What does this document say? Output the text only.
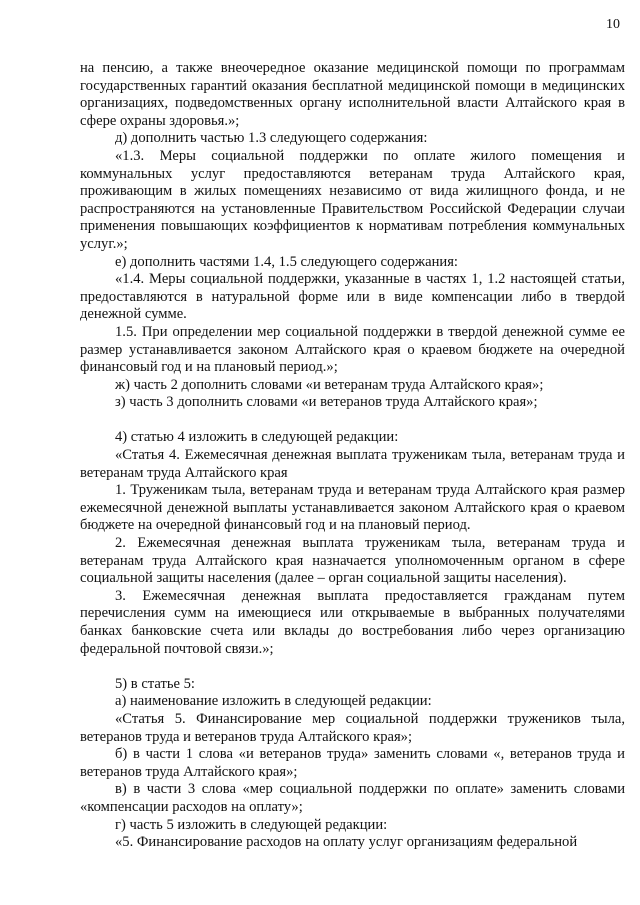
10

на пенсию, а также внеочередное оказание медицинской помощи по программам государственных гарантий оказания бесплатной медицинской помощи в медицинских организациях, подведомственных органу исполнительной власти Алтайского края в сфере охраны здоровья.»;

д) дополнить частью 1.3 следующего содержания:

«1.3. Меры социальной поддержки по оплате жилого помещения и коммунальных услуг предоставляются ветеранам труда Алтайского края, проживающим в жилых помещениях независимо от вида жилищного фонда, и не распространяются на установленные Правительством Российской Федерации случаи применения повышающих коэффициентов к нормативам потребления коммунальных услуг.»;

е) дополнить частями 1.4, 1.5 следующего содержания:

«1.4. Меры социальной поддержки, указанные в частях 1, 1.2 настоящей статьи, предоставляются в натуральной форме или в виде компенсации либо в твердой денежной сумме.

1.5. При определении мер социальной поддержки в твердой денежной сумме ее размер устанавливается законом Алтайского края о краевом бюджете на очередной финансовый год и на плановый период.»;

ж) часть 2 дополнить словами «и ветеранам труда Алтайского края»;

з) часть 3 дополнить словами «и ветеранов труда Алтайского края»;

4) статью 4 изложить в следующей редакции:

«Статья 4. Ежемесячная денежная выплата труженикам тыла, ветеранам труда и ветеранам труда Алтайского края

1. Труженикам тыла, ветеранам труда и ветеранам труда Алтайского края размер ежемесячной денежной выплаты устанавливается законом Алтайского края о краевом бюджете на очередной финансовый год и на плановый период.

2. Ежемесячная денежная выплата труженикам тыла, ветеранам труда и ветеранам труда Алтайского края назначается уполномоченным органом в сфере социальной защиты населения (далее – орган социальной защиты населения).

3. Ежемесячная денежная выплата предоставляется гражданам путем перечисления сумм на имеющиеся или открываемые в выбранных получателями банках банковские счета или вклады до востребования либо через организацию федеральной почтовой связи.»;

5) в статье 5:

а) наименование изложить в следующей редакции:

«Статья 5. Финансирование мер социальной поддержки тружеников тыла, ветеранов труда и ветеранов труда Алтайского края»;

б) в части 1 слова «и ветеранов труда» заменить словами «, ветеранов труда и ветеранов труда Алтайского края»;

в) в части 3 слова «мер социальной поддержки по оплате» заменить словами «компенсации расходов на оплату»;

г) часть 5 изложить в следующей редакции:

«5. Финансирование расходов на оплату услуг организациям федеральной
